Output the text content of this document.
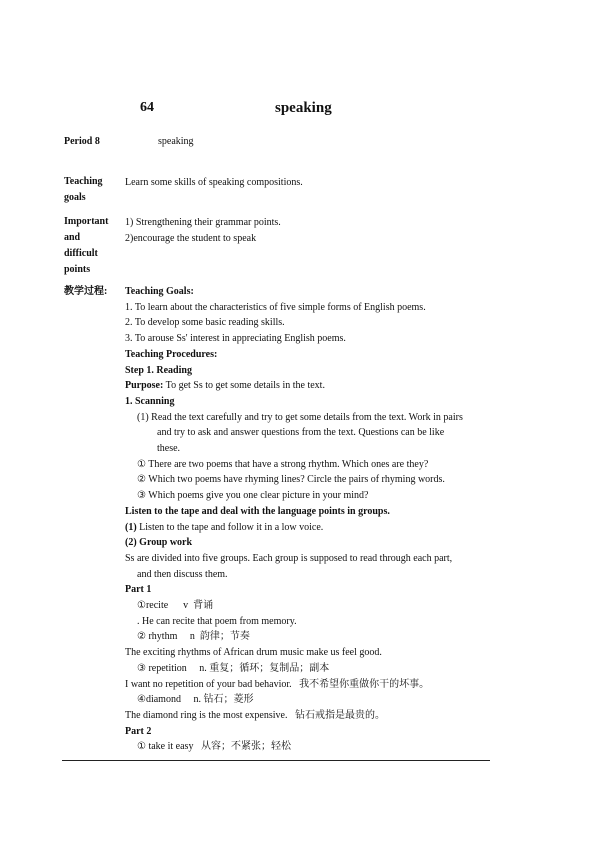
64	speaking
Period 8	speaking
Teaching
goals
Learn some skills of speaking compositions.
Important
and
difficult
points
1) Strengthening their grammar points.
2)encourage the student to speak
教学过程: Teaching Goals:
1. To learn about the characteristics of five simple forms of English poems.
2. To develop some basic reading skills.
3. To arouse Ss' interest in appreciating English poems.
Teaching Procedures:
Step 1. Reading
Purpose: To get Ss to get some details in the text.
1. Scanning
(1) Read the text carefully and try to get some details from the text. Work in pairs
and try to ask and answer questions from the text. Questions can be like
these.
① There are two poems that have a strong rhythm. Which ones are they?
② Which two poems have rhyming lines? Circle the pairs of rhyming words.
③ Which poems give you one clear picture in your mind?
Listen to the tape and deal with the language points in groups.
(1) Listen to the tape and follow it in a low voice.
(2) Group work
Ss are divided into five groups. Each group is supposed to read through each part,
and then discuss them.
Part 1
①recite      v  背诵
. He can recite that poem from memory.
② rhythm     n  韵律；节奏
The exciting rhythms of African drum music make us feel good.
③ repetition     n. 重复；循环；复制品；副本
I want no repetition of your bad behavior.   我不希望你重做你干的坏事。
④diamond     n. 钻石；菱形
The diamond ring is the most expensive.   钻石戒指是最贵的。
Part 2
① take it easy   从容；不紧张；轻松
